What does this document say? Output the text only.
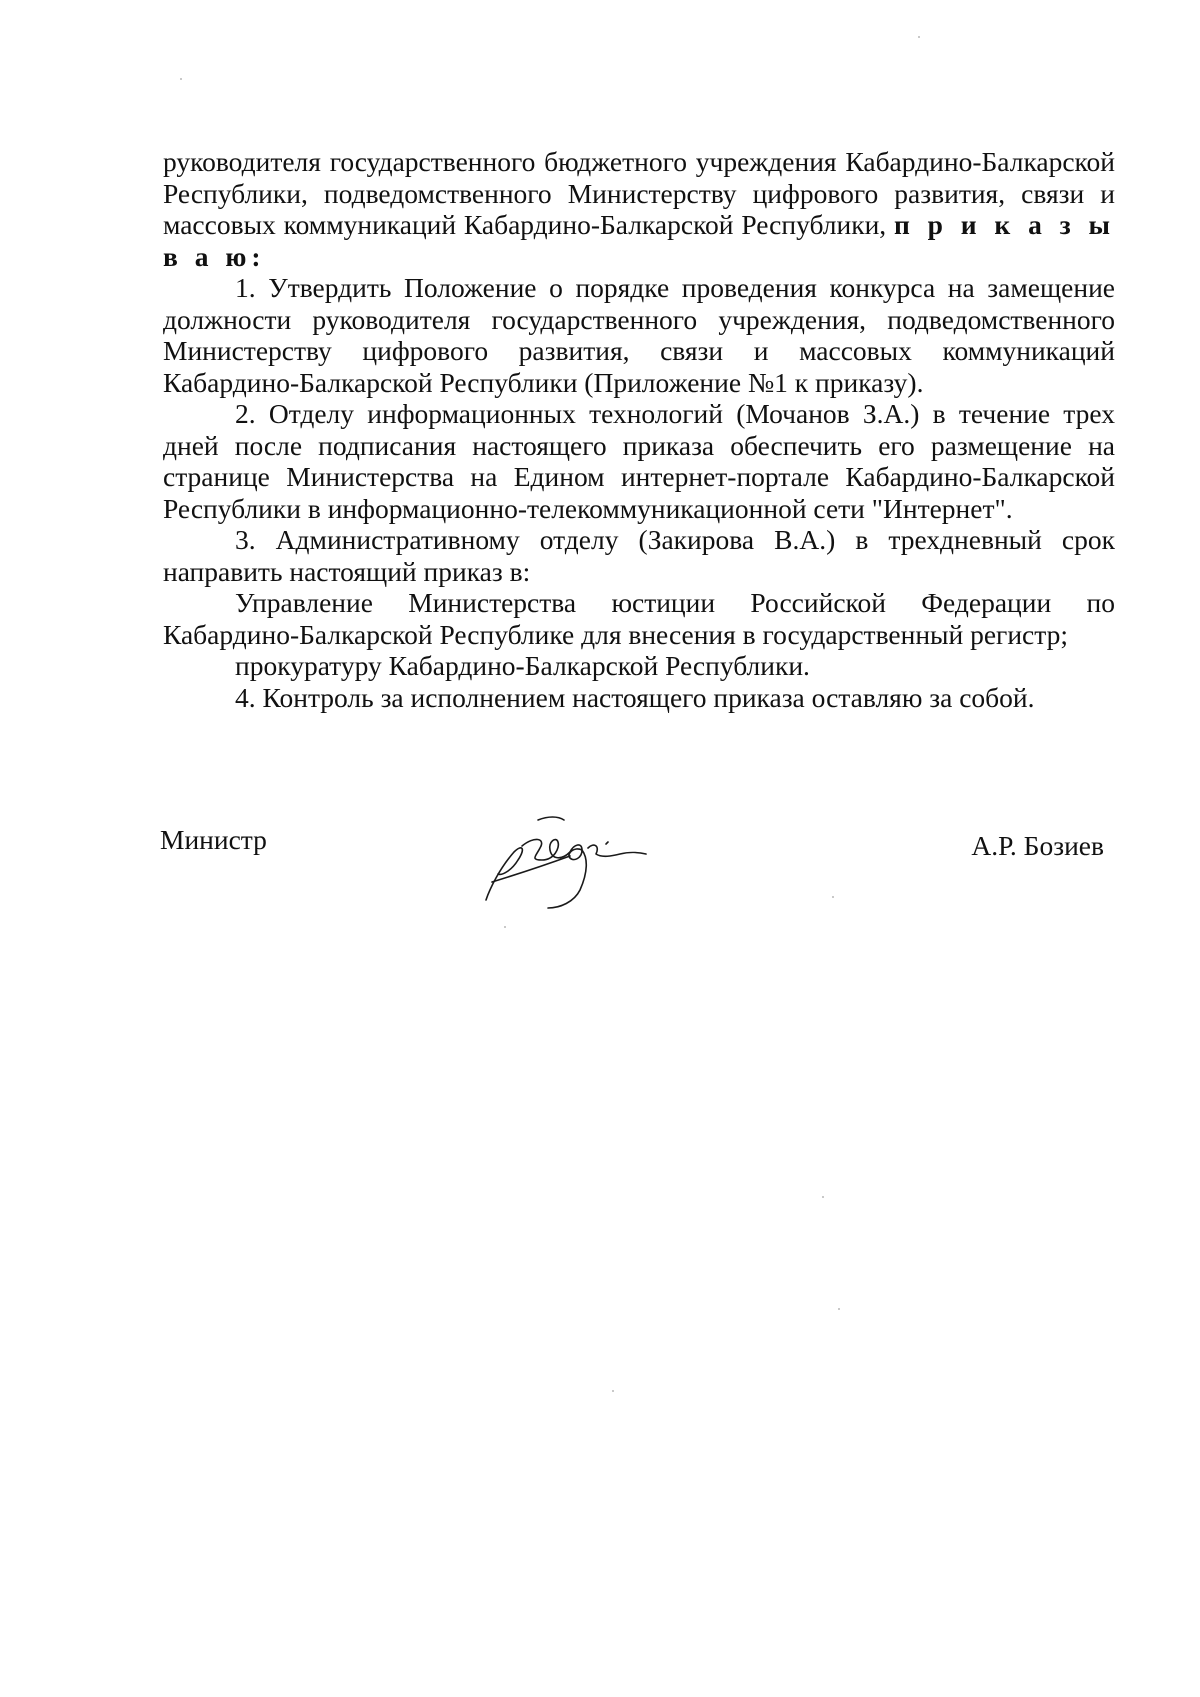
руководителя государственного бюджетного учреждения Кабардино-Балкарской Республики, подведомственного Министерству цифрового развития, связи и массовых коммуникаций Кабардино-Балкарской Республики, п р и к а з ы в а ю:

1. Утвердить Положение о порядке проведения конкурса на замещение должности руководителя государственного учреждения, подведомственного Министерству цифрового развития, связи и массовых коммуникаций Кабардино-Балкарской Республики (Приложение №1 к приказу).

2. Отделу информационных технологий (Мочанов З.А.) в течение трех дней после подписания настоящего приказа обеспечить его размещение на странице Министерства на Едином интернет-портале Кабардино-Балкарской Республики в информационно-телекоммуникационной сети "Интернет".

3. Административному отделу (Закирова В.А.) в трехдневный срок направить настоящий приказ в:

Управление Министерства юстиции Российской Федерации по Кабардино-Балкарской Республике для внесения в государственный регистр;

прокуратуру Кабардино-Балкарской Республики.

4. Контроль за исполнением настоящего приказа оставляю за собой.

Министр	А.Р. Бозиев
